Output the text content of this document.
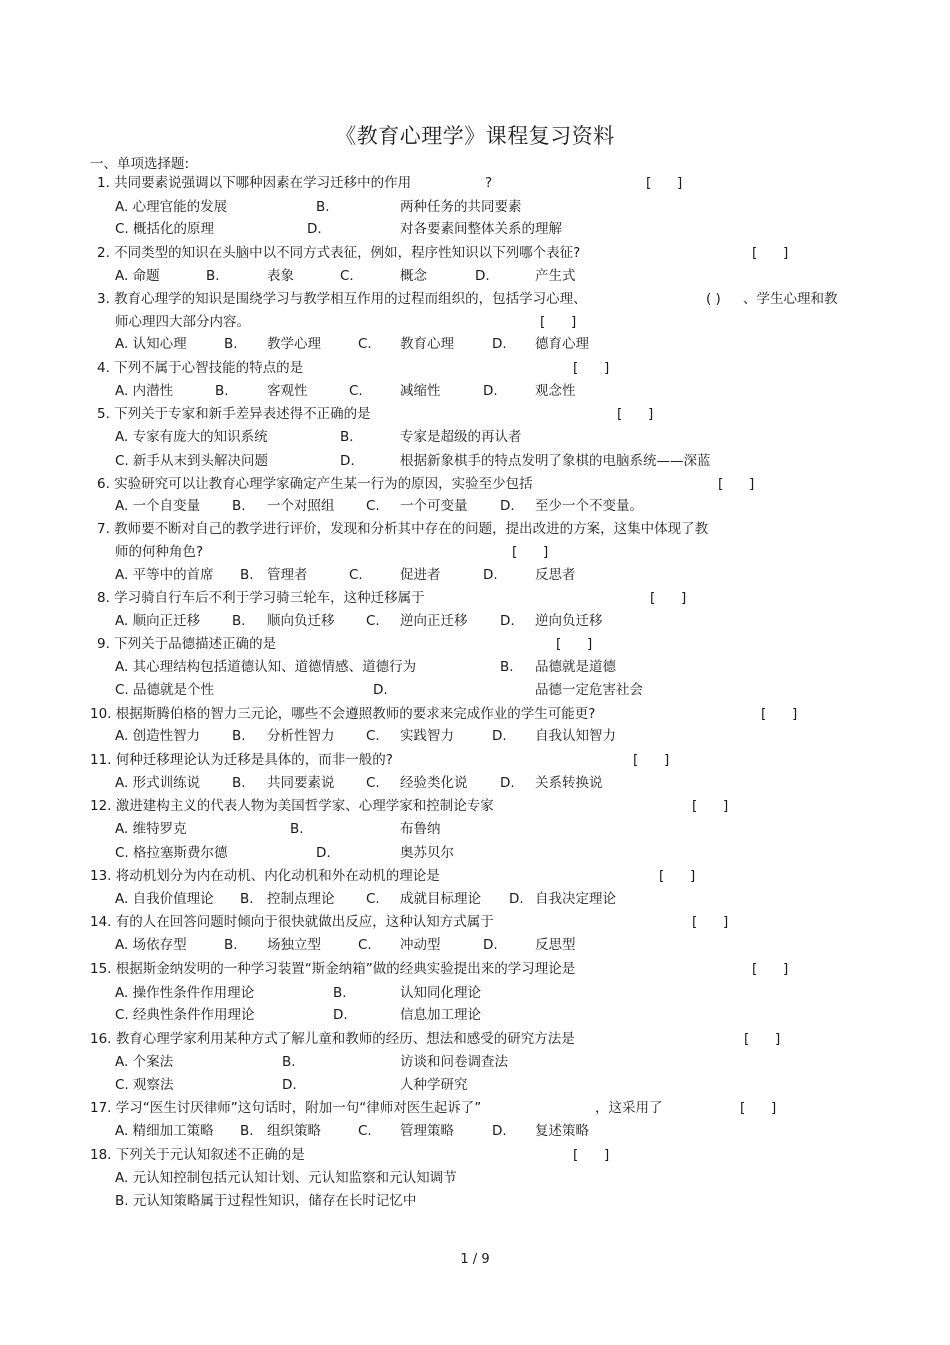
《教育心理学》课程复习资料
一、单项选择题:
1. 共同要素说强调以下哪种因素在学习迁移中的作用	?	[      ]
A. 心理官能的发展	B.	两种任务的共同要素
C. 概括化的原理	D.	对各要素间整体关系的理解
2. 不同类型的知识在头脑中以不同方式表征，例如，程序性知识以下列哪个表征?	[      ]
A. 命题	B.	表象	C.	概念	D.	产生式
3. 教育心理学的知识是围绕学习与教学相互作用的过程而组织的，包括学习心理、	( ) 、学生心理和教
师心理四大部分内容。	[      ]
A. 认知心理	B. 教学心理	C. 教育心理	D. 德育心理
4. 下列不属于心智技能的特点的是	[      ]
A. 内潜性	B.	客观性	C.	减缩性	D.	观念性
5. 下列关于专家和新手差异表述得不正确的是	[      ]
A. 专家有庞大的知识系统	B.	专家是超级的再认者
C. 新手从末到头解决问题	D.	根据新象棋手的特点发明了象棋的电脑系统——深蓝
6. 实验研究可以让教育心理学家确定产生某一行为的原因，实验至少包括	[      ]
A. 一个自变量 B. 一个对照组 C. 一个可变量 D. 至少一个不变量。
7. 教师要不断对自己的教学进行评价，发现和分析其中存在的问题，提出改进的方案，这集中体现了教
师的何种角色?	[      ]
A. 平等中的首席 B. 管理者	C.	促进者	D.	反思者
8. 学习骑自行车后不利于学习骑三轮车，这种迁移属于	[      ]
A. 顺向正迁移 B. 顺向负迁移 C. 逆向正迁移 D. 逆向负迁移
9. 下列关于品德描述正确的是	[      ]
A. 其心理结构包括道德认知、道德情感、道德行为	B. 品德就是道德
C. 品德就是个性	D.	品德一定危害社会
10. 根据斯腾伯格的智力三元论，哪些不会遵照教师的要求来完成作业的学生可能更?	[      ]
A. 创造性智力 B. 分析性智力 C. 实践智力	D. 自我认知智力
11. 何种迁移理论认为迁移是具体的，而非一般的?	[      ]
A. 形式训练说 B. 共同要素说 C. 经验类化说 D. 关系转换说
12. 激进建构主义的代表人物为美国哲学家、心理学家和控制论专家	[      ]
A. 维特罗克	B.	布鲁纳
C. 格拉塞斯费尔德	D.	奥苏贝尔
13. 将动机划分为内在动机、内化动机和外在动机的理论是	[      ]
A. 自我价值理论 B. 控制点理论 C. 成就目标理论 D. 自我决定理论
14. 有的人在回答问题时倾向于很快就做出反应，这种认知方式属于	[      ]
A. 场依存型	B. 场独立型	C. 冲动型	D.	反思型
15. 根据斯金纳发明的一种学习装置“斯金纳箱”做的经典实验提出来的学习理论是	[      ]
A. 操作性条件作用理论	B.	认知同化理论
C. 经典性条件作用理论	D.	信息加工理论
16. 教育心理学家利用某种方式了解儿童和教师的经历、想法和感受的研究方法是	[      ]
A. 个案法	B.	访谈和问卷调查法
C. 观察法	D.	人种学研究
17. 学习“医生讨厌律师”这句话时，附加一句“律师对医生起诉了”	，这采用了	[      ]
A. 精细加工策略 B. 组织策略	C. 管理策略	D. 复述策略
18. 下列关于元认知叙述不正确的是	[      ]
A. 元认知控制包括元认知计划、元认知监察和元认知调节
B. 元认知策略属于过程性知识，储存在长时记忆中
1 / 9
